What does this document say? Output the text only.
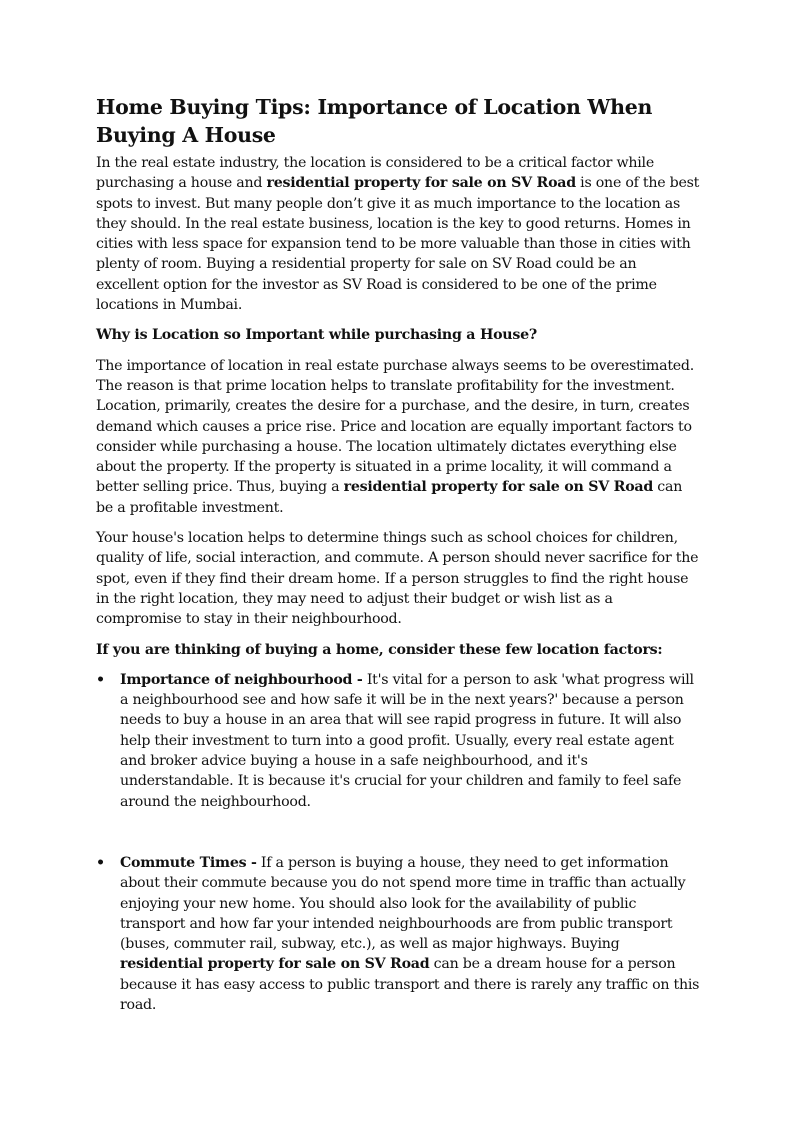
Home Buying Tips: Importance of Location When Buying A House

In the real estate industry, the location is considered to be a critical factor while purchasing a house and residential property for sale on SV Road is one of the best spots to invest. But many people don’t give it as much importance to the location as they should. In the real estate business, location is the key to good returns. Homes in cities with less space for expansion tend to be more valuable than those in cities with plenty of room. Buying a residential property for sale on SV Road could be an excellent option for the investor as SV Road is considered to be one of the prime locations in Mumbai.

Why is Location so Important while purchasing a House?

The importance of location in real estate purchase always seems to be overestimated. The reason is that prime location helps to translate profitability for the investment. Location, primarily, creates the desire for a purchase, and the desire, in turn, creates demand which causes a price rise. Price and location are equally important factors to consider while purchasing a house. The location ultimately dictates everything else about the property. If the property is situated in a prime locality, it will command a better selling price. Thus, buying a residential property for sale on SV Road can be a profitable investment.

Your house's location helps to determine things such as school choices for children, quality of life, social interaction, and commute. A person should never sacrifice for the spot, even if they find their dream home. If a person struggles to find the right house in the right location, they may need to adjust their budget or wish list as a compromise to stay in their neighbourhood.

If you are thinking of buying a home, consider these few location factors:

• Importance of neighbourhood - It's vital for a person to ask 'what progress will a neighbourhood see and how safe it will be in the next years?' because a person needs to buy a house in an area that will see rapid progress in future. It will also help their investment to turn into a good profit. Usually, every real estate agent and broker advice buying a house in a safe neighbourhood, and it's understandable. It is because it's crucial for your children and family to feel safe around the neighbourhood.
• Commute Times - If a person is buying a house, they need to get information about their commute because you do not spend more time in traffic than actually enjoying your new home. You should also look for the availability of public transport and how far your intended neighbourhoods are from public transport (buses, commuter rail, subway, etc.), as well as major highways. Buying residential property for sale on SV Road can be a dream house for a person because it has easy access to public transport and there is rarely any traffic on this road.
